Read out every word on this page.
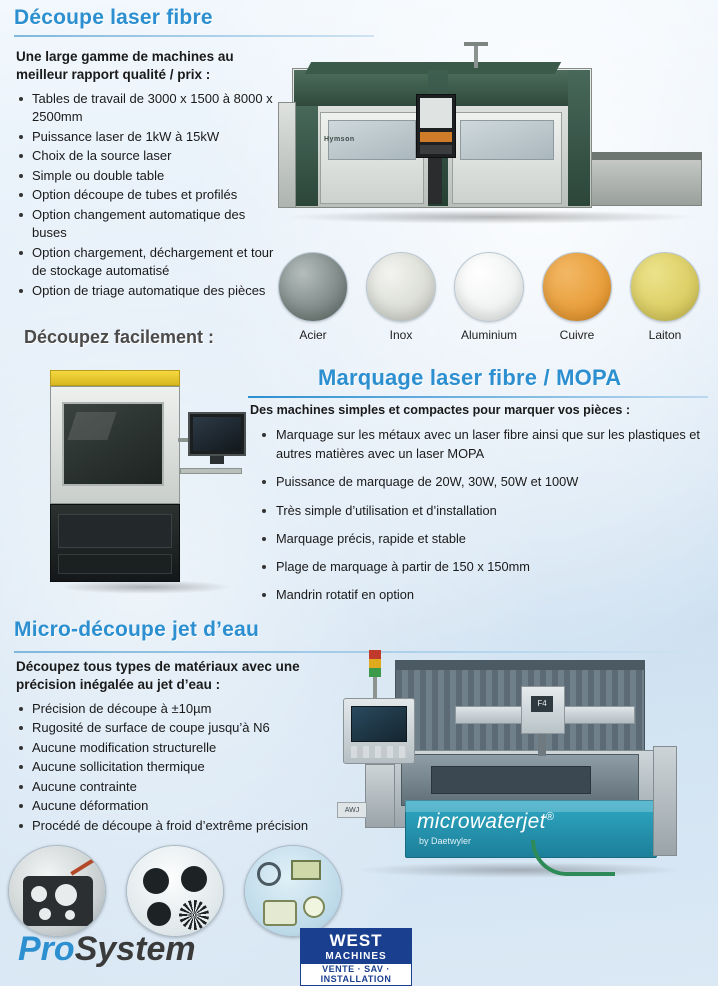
Découpe laser fibre
Une large gamme de machines au meilleur rapport qualité / prix :
Tables de travail de 3000 x 1500 à 8000 x 2500mm
Puissance laser de 1kW à 15kW
Choix de la source laser
Simple ou double table
Option découpe de tubes et profilés
Option changement automatique des buses
Option chargement, déchargement et tour de stockage automatisé
Option de triage automatique des pièces
Hymson
Acier	Inox	Aluminium	Cuivre	Laiton
Découpez facilement :
Marquage laser fibre / MOPA
Des machines simples et compactes pour marquer vos pièces :
Marquage sur les métaux avec un laser fibre ainsi que sur les plastiques et autres matières avec un laser MOPA
Puissance de marquage de 20W, 30W, 50W et 100W
Très simple d’utilisation et d’installation
Marquage précis, rapide et stable
Plage de marquage à partir de 150 x 150mm
Mandrin rotatif en option
Micro-découpe jet d’eau
Découpez tous types de matériaux avec une précision inégalée au jet d’eau :
Précision de découpe à ±10µm
Rugosité de surface de coupe jusqu’à N6
Aucune modification structurelle
Aucune sollicitation thermique
Aucune contrainte
Aucune déformation
Procédé de découpe à froid d’extrême précision
F4
AWJ	microwaterjet®
by Daetwyler
ProSystem	WEST
MACHINES
VENTE · SAV · INSTALLATION
